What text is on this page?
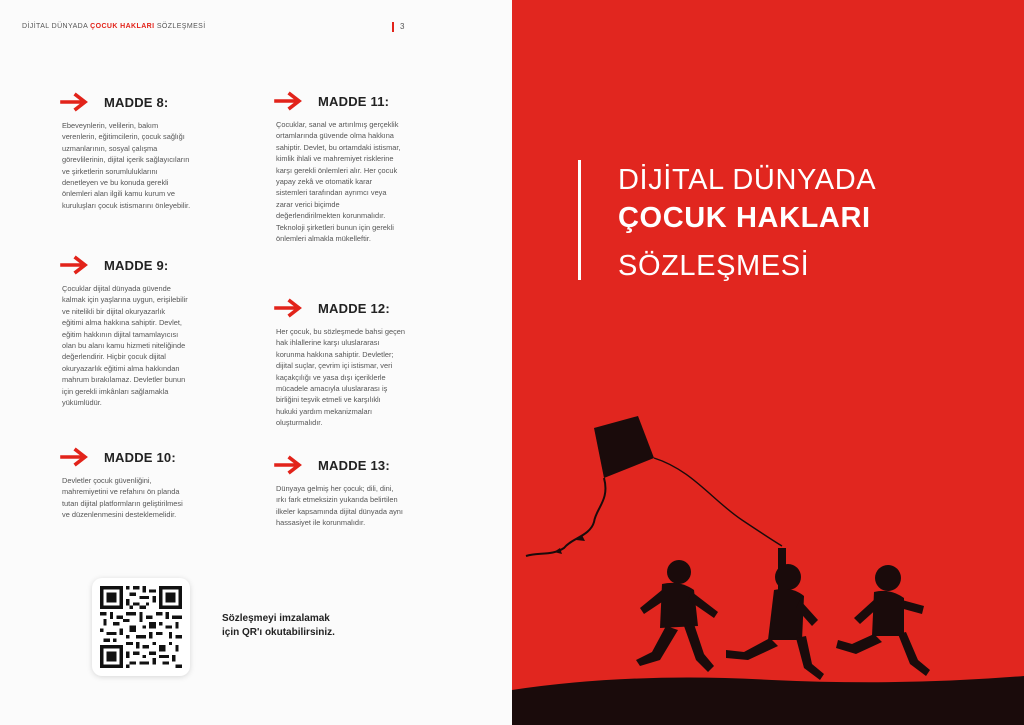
DİJİTAL DÜNYADA ÇOCUK HAKLARI SÖZLEŞMESİ	3
MADDE 8:
Ebeveynlerin, velilerin, bakım
verenlerin, eğitimcilerin, çocuk sağlığı
uzmanlarının, sosyal çalışma
görevlilerinin, dijital içerik sağlayıcıların
ve şirketlerin sorumluluklarını
denetleyen ve bu konuda gerekli
önlemleri alan ilgili kamu kurum ve
kuruluşları çocuk istismarını önleyebilir.
MADDE 9:
Çocuklar dijital dünyada güvende
kalmak için yaşlarına uygun, erişilebilir
ve nitelikli bir dijital okuryazarlık
eğitimi alma hakkına sahiptir. Devlet,
eğitim hakkının dijital tamamlayıcısı
olan bu alanı kamu hizmeti niteliğinde
değerlendirir. Hiçbir çocuk dijital
okuryazarlık eğitimi alma hakkından
mahrum bırakılamaz. Devletler bunun
için gerekli imkânları sağlamakla
yükümlüdür.
MADDE 10:
Devletler çocuk güvenliğini,
mahremiyetini ve refahını ön planda
tutan dijital platformların geliştirilmesi
ve düzenlenmesini desteklemelidir.
MADDE 11:
Çocuklar, sanal ve artırılmış gerçeklik
ortamlarında güvende olma hakkına
sahiptir. Devlet, bu ortamdaki istismar,
kimlik ihlali ve mahremiyet risklerine
karşı gerekli önlemleri alır. Her çocuk
yapay zekâ ve otomatik karar
sistemleri tarafından ayrımcı veya
zarar verici biçimde
değerlendirilmekten korunmalıdır.
Teknoloji şirketleri bunun için gerekli
önlemleri almakla mükelleftir.
MADDE 12:
Her çocuk, bu sözleşmede bahsi geçen
hak ihlallerine karşı uluslararası
korunma hakkına sahiptir. Devletler;
dijital suçlar, çevrim içi istismar, veri
kaçakçılığı ve yasa dışı içeriklerle
mücadele amacıyla uluslararası iş
birliğini teşvik etmeli ve karşılıklı
hukuki yardım mekanizmaları
oluşturmalıdır.
MADDE 13:
Dünyaya gelmiş her çocuk; dili, dini,
ırkı fark etmeksizin yukarıda belirtilen
ilkeler kapsamında dijital dünyada aynı
hassasiyet ile korunmalıdır.
Sözleşmeyi imzalamak
için QR'ı okutabilirsiniz.
DİJİTAL DÜNYADA
ÇOCUK HAKLARI
SÖZLEŞMESİ
